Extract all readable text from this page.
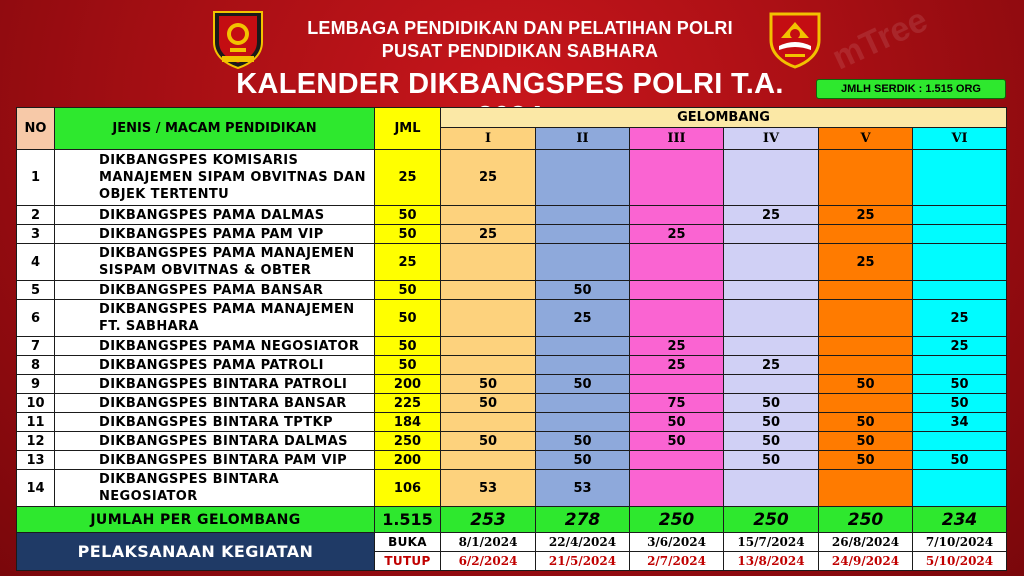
mTree
LEMBAGA PENDIDIKAN DAN PELATIHAN POLRI
PUSAT PENDIDIKAN SABHARA
KALENDER DIKBANGSPES POLRI T.A.	JMLH SERDIK : 1.515 ORG
NO	JENIS / MACAM PENDIDIKAN	JML	GELOMBANG					
			I	II	III	IV	V	VI
1	DIKBANGSPES KOMISARIS
MANAJEMEN SIPAM OBVITNAS DAN
OBJEK TERTENTU	25	25					
2	DIKBANGSPES PAMA DALMAS	50				25	25	
3	DIKBANGSPES PAMA PAM VIP	50	25		25			
4	DIKBANGSPES PAMA MANAJEMEN
SISPAM OBVITNAS & OBTER	25					25	
5	DIKBANGSPES PAMA BANSAR	50		50				
6	DIKBANGSPES PAMA MANAJEMEN
FT. SABHARA	50		25				25
7	DIKBANGSPES PAMA NEGOSIATOR	50			25			25
8	DIKBANGSPES PAMA PATROLI	50			25	25		
9	DIKBANGSPES BINTARA PATROLI	200	50	50			50	50
10	DIKBANGSPES BINTARA BANSAR	225	50		75	50		50
11	DIKBANGSPES BINTARA TPTKP	184			50	50	50	34
12	DIKBANGSPES BINTARA DALMAS	250	50	50	50	50	50	
13	DIKBANGSPES BINTARA PAM VIP	200		50		50	50	50
14	DIKBANGSPES BINTARA
NEGOSIATOR	106	53	53				
JUMLAH PER GELOMBANG		1.515	253	278	250	250	250	234
PELAKSANAAN KEGIATAN		BUKA	8/1/2024	22/4/2024	3/6/2024	15/7/2024	26/8/2024	7/10/2024
		TUTUP	6/2/2024	21/5/2024	2/7/2024	13/8/2024	24/9/2024	5/10/2024
